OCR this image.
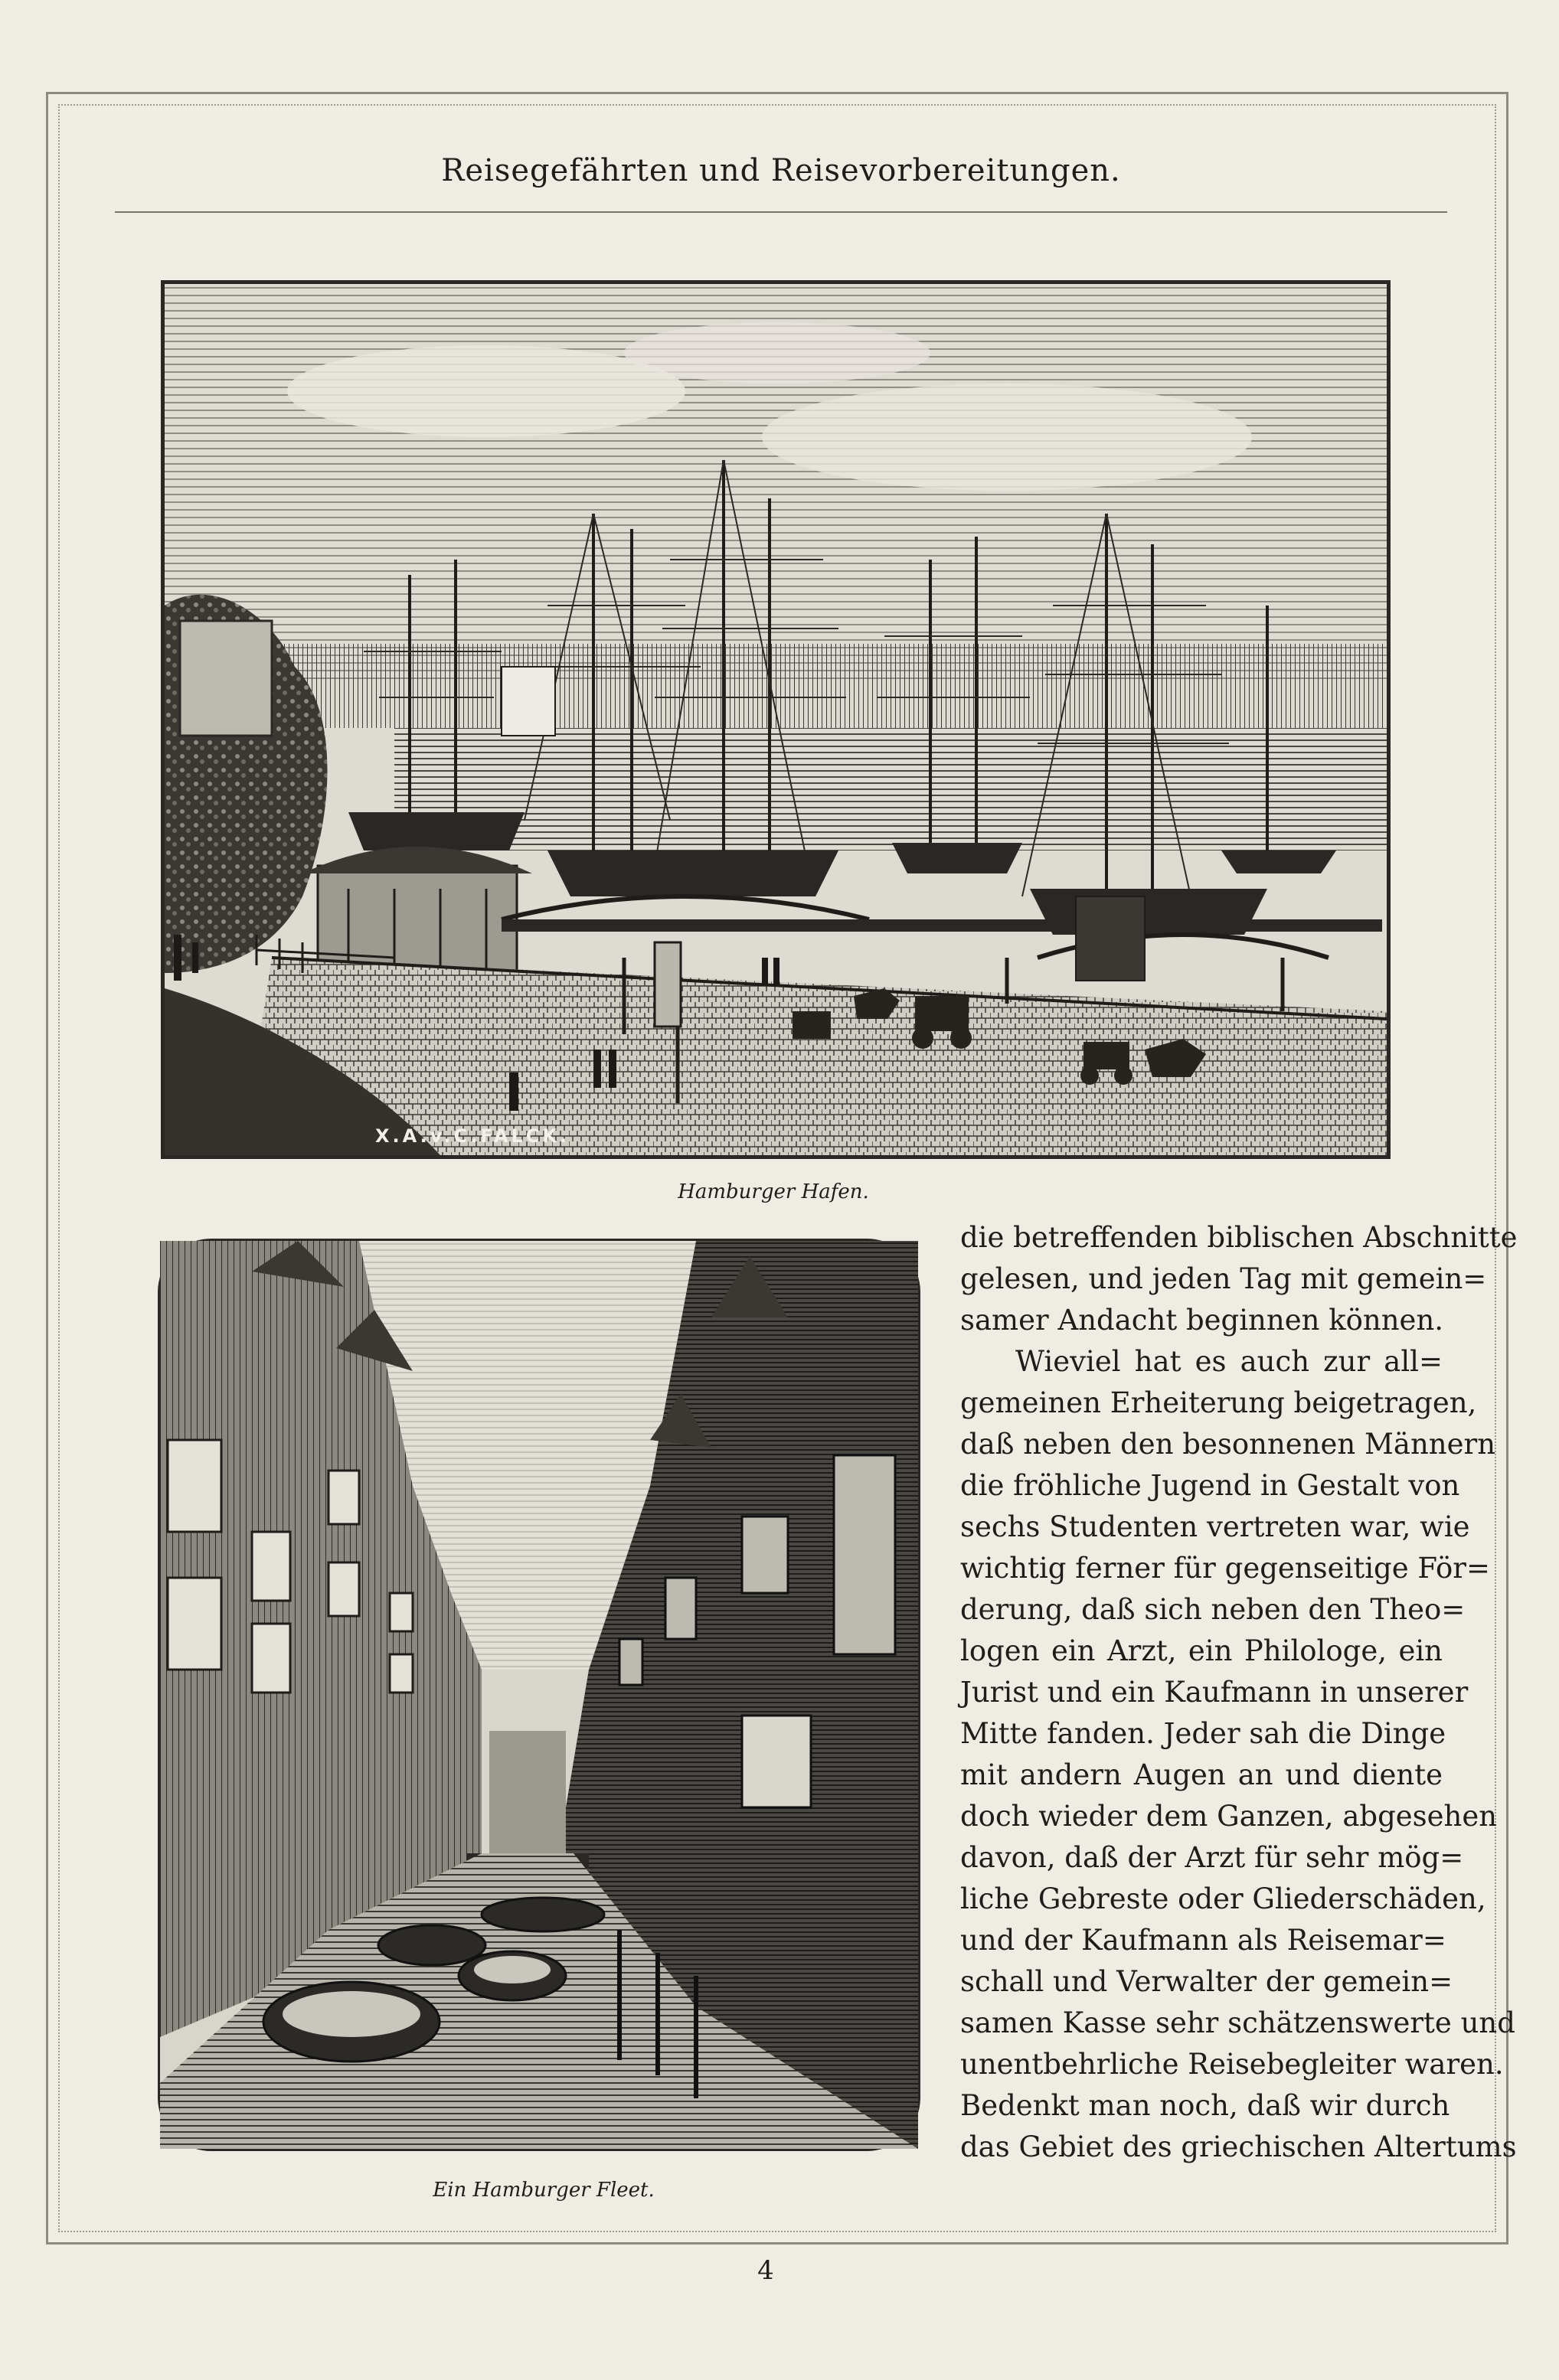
Reisegefährten und Reisevorbereitungen.
X.A.v.C.FALCK.
Hamburger Hafen.
Ein Hamburger Fleet.
die betreffenden biblischen Abschnitte
gelesen, und jeden Tag mit gemein=
samer Andacht beginnen können.
Wieviel hat es auch zur all=
gemeinen Erheiterung beigetragen,
daß neben den besonnenen Männern
die fröhliche Jugend in Gestalt von
sechs Studenten vertreten war, wie
wichtig ferner für gegenseitige För=
derung, daß sich neben den Theo=
logen ein Arzt, ein Philologe, ein
Jurist und ein Kaufmann in unserer
Mitte fanden. Jeder sah die Dinge
mit andern Augen an und diente
doch wieder dem Ganzen, abgesehen
davon, daß der Arzt für sehr mög=
liche Gebreste oder Gliederschäden,
und der Kaufmann als Reisemar=
schall und Verwalter der gemein=
samen Kasse sehr schätzenswerte und
unentbehrliche Reisebegleiter waren.
Bedenkt man noch, daß wir durch
das Gebiet des griechischen Altertums
4
